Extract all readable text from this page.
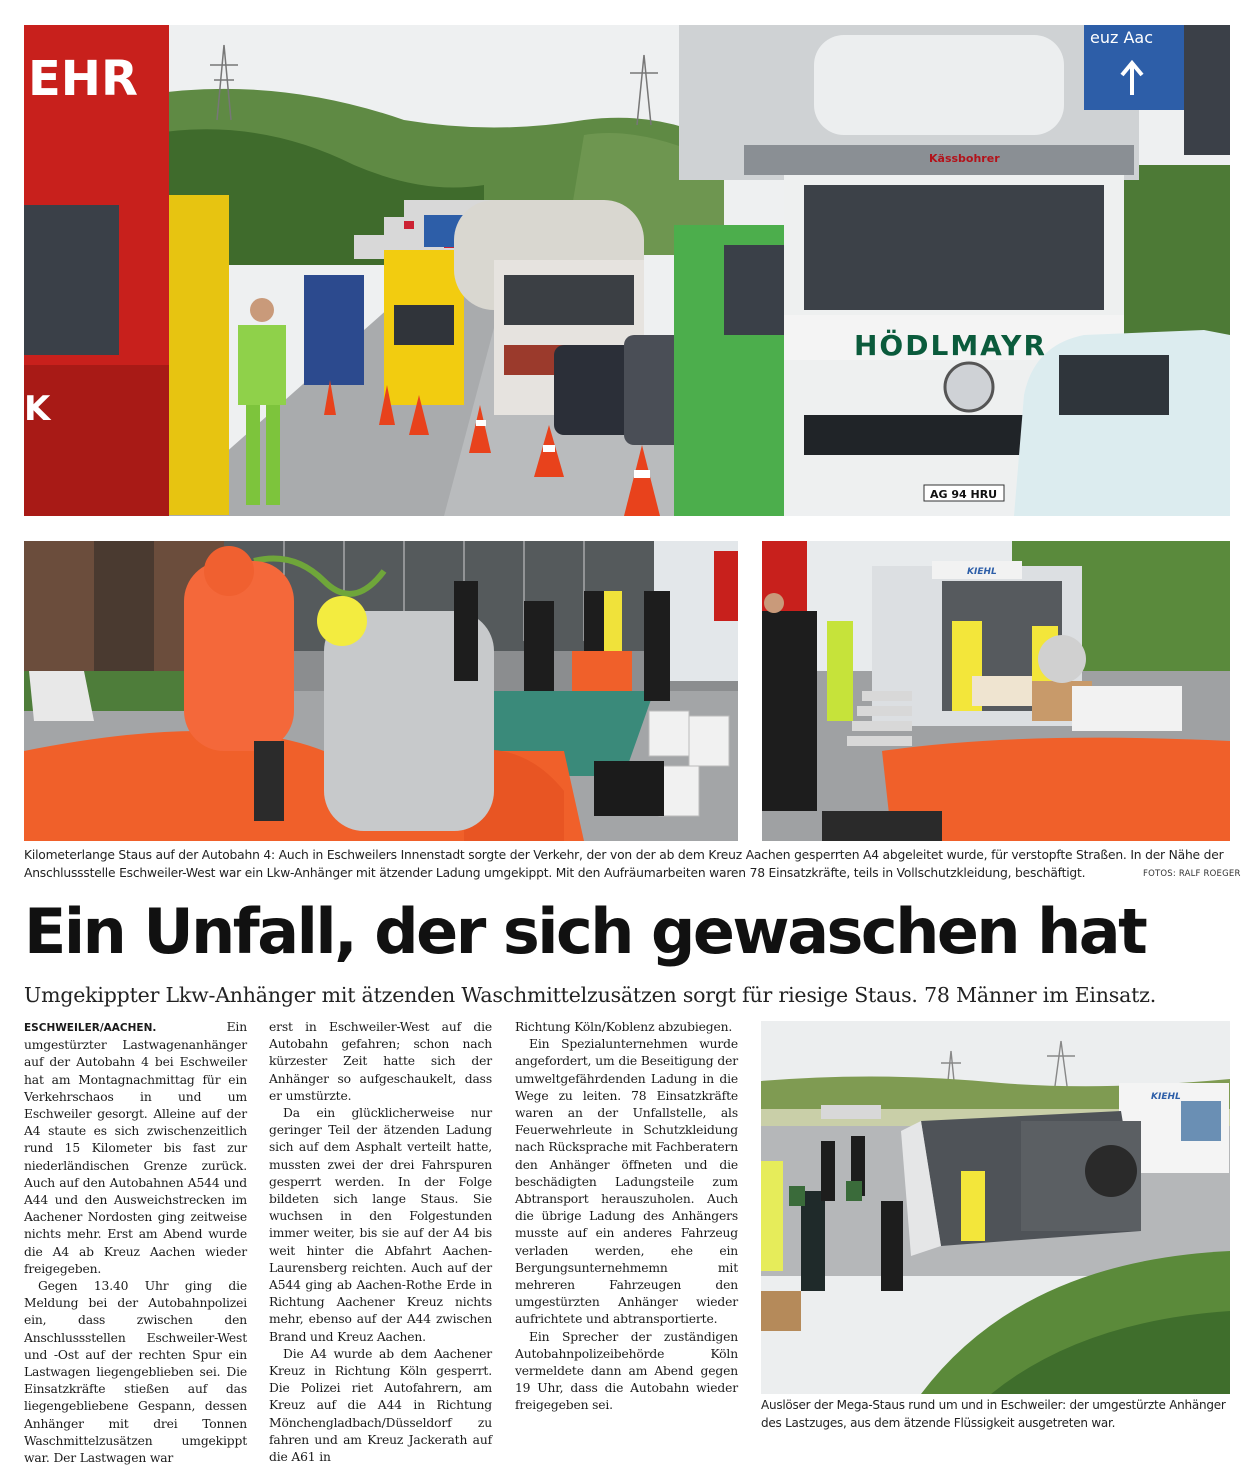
EHR
K
Kässbohrer
HÖDLMAYR
AG 94 HRU
euz Aac
KIEHL
Kilometerlange Staus auf der Autobahn 4: Auch in Eschweilers Innenstadt sorgte der Verkehr, der von der ab dem Kreuz Aachen gesperrten A4 abgeleitet wurde, für verstopfte Straßen. In der Nähe der Anschlussstelle Eschweiler-West war ein Lkw-Anhänger mit ätzender Ladung umgekippt. Mit den Aufräumarbeiten waren 78 Einsatzkräfte, teils in Vollschutzkleidung, beschäftigt.	FOTOS: RALF ROEGER
Ein Unfall, der sich gewaschen hat
Umgekippter Lkw-Anhänger mit ätzenden Waschmittelzusätzen sorgt für riesige Staus. 78 Männer im Einsatz.

ESCHWEILER/AACHEN.	Ein umgestürzter Lastwagenanhänger auf der Autobahn 4 bei Eschweiler hat am Montagnachmittag für ein Verkehrschaos in und um Eschweiler gesorgt. Alleine auf der A4 staute es sich zwischenzeitlich rund 15 Kilometer bis fast zur niederländischen Grenze zurück. Auch auf den Autobahnen A544 und A44 und den Ausweichstrecken im Aachener Nordosten ging zeitweise nichts mehr. Erst am Abend wurde die A4 ab Kreuz Aachen wieder freigegeben.

Gegen 13.40 Uhr ging die Meldung bei der Autobahnpolizei ein, dass zwischen den Anschlussstellen Eschweiler-West und -Ost auf der rechten Spur ein Lastwagen liegengeblieben sei. Die Einsatzkräfte stießen auf das liegengebliebene Gespann, dessen Anhänger mit drei Tonnen Waschmittelzusätzen umgekippt war. Der Lastwagen war

erst in Eschweiler-West auf die Autobahn gefahren; schon nach kürzester Zeit hatte sich der Anhänger so aufgeschaukelt, dass er umstürzte.

Da ein glücklicherweise nur geringer Teil der ätzenden Ladung sich auf dem Asphalt verteilt hatte, mussten zwei der drei Fahrspuren gesperrt werden. In der Folge bildeten sich lange Staus. Sie wuchsen in den Folgestunden immer weiter, bis sie auf der A4 bis weit hinter die Abfahrt Aachen-Laurensberg reichten. Auch auf der A544 ging ab Aachen-Rothe Erde in Richtung Aachener Kreuz nichts mehr, ebenso auf der A44 zwischen Brand und Kreuz Aachen.

Die A4 wurde ab dem Aachener Kreuz in Richtung Köln gesperrt. Die Polizei riet Autofahrern, am Kreuz auf die A44 in Richtung Mönchengladbach/Düsseldorf zu fahren und am Kreuz Jackerath auf die A61 in

Richtung Köln/Koblenz abzubiegen.

Ein Spezialunternehmen wurde angefordert, um die Beseitigung der umweltgefährdenden Ladung in die Wege zu leiten. 78 Einsatzkräfte waren an der Unfallstelle, als Feuerwehrleute in Schutzkleidung nach Rücksprache mit Fachberatern den Anhänger öffneten und die beschädigten Ladungsteile zum Abtransport herauszuholen. Auch die übrige Ladung des Anhängers musste auf ein anderes Fahrzeug verladen werden, ehe ein Bergungsunternehmemn mit mehreren Fahrzeugen den umgestürzten Anhänger wieder aufrichtete und abtransportierte.

Ein Sprecher der zuständigen Autobahnpolizeibehörde Köln vermeldete dann am Abend gegen 19 Uhr, dass die Autobahn wieder freigegeben sei.

KIEHL
Auslöser der Mega-Staus rund um und in Eschweiler: der umgestürzte Anhänger des Lastzuges, aus dem ätzende Flüssigkeit ausgetreten war.
